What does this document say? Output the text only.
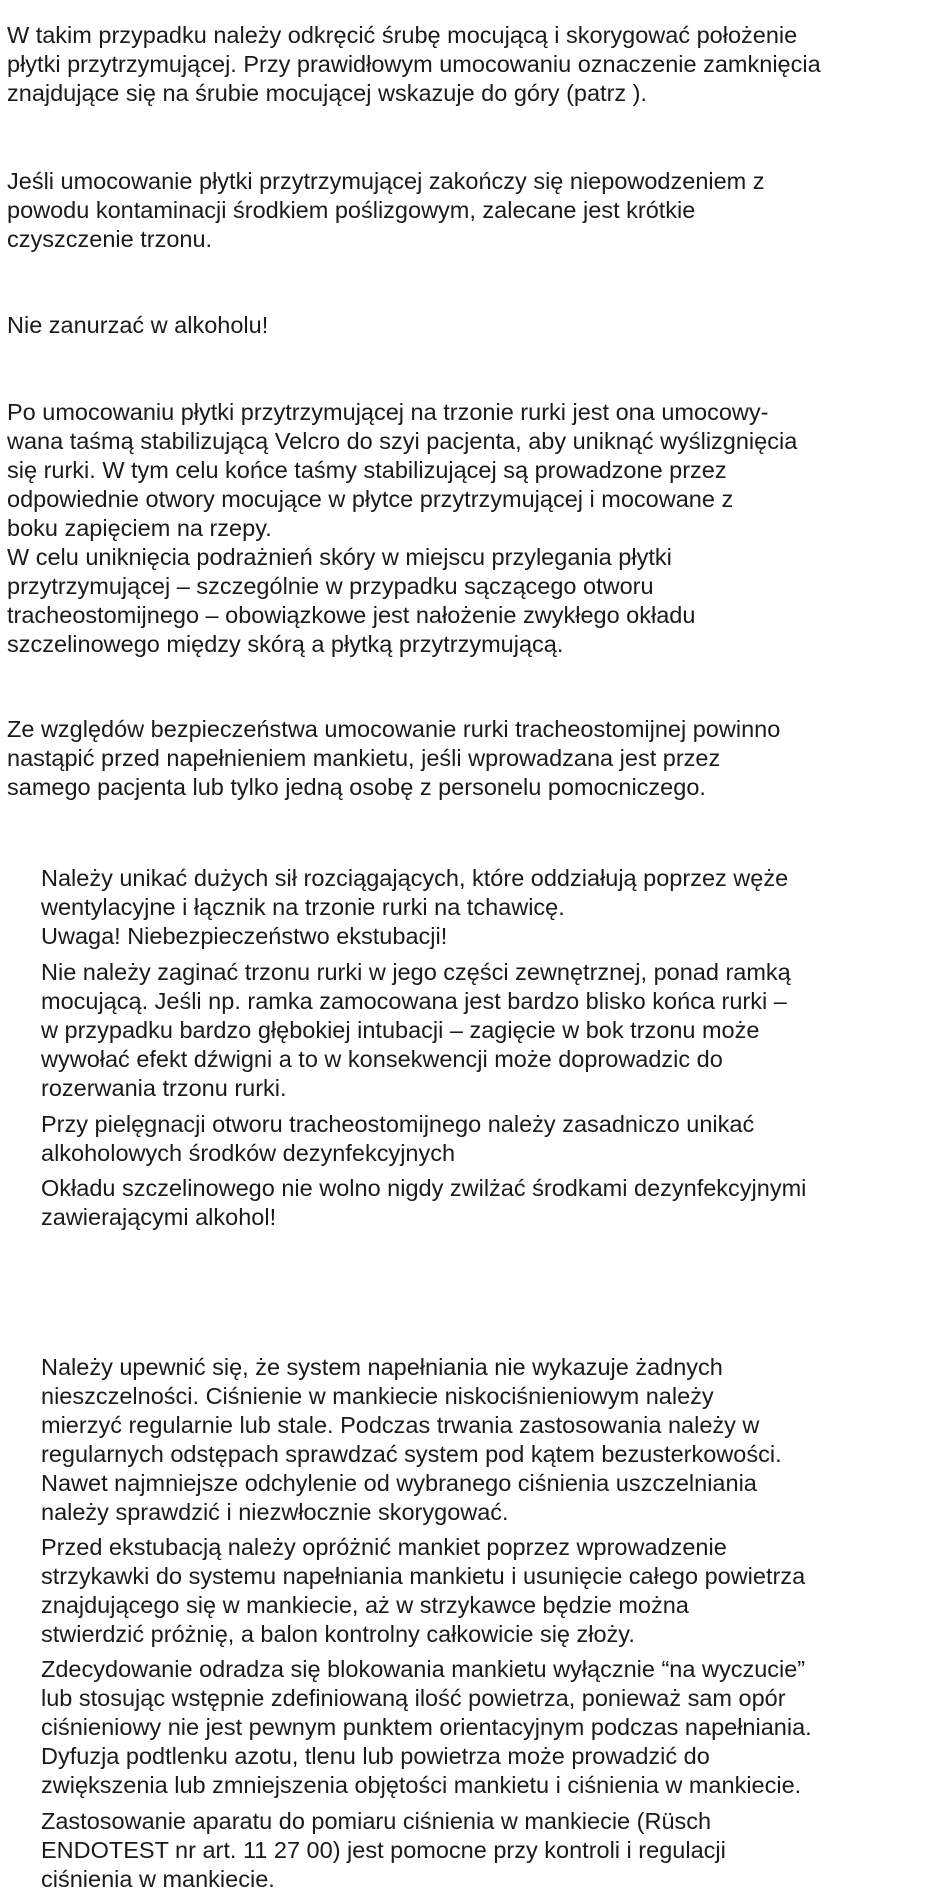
W takim przypadku należy odkręcić śrubę mocującą i skorygować położenie
płytki przytrzymującej. Przy prawidłowym umocowaniu oznaczenie zamknięcia
znajdujące się na śrubie mocującej wskazuje do góry (patrz ).

Jeśli umocowanie płytki przytrzymującej zakończy się niepowodzeniem z
powodu kontaminacji środkiem poślizgowym, zalecane jest krótkie
czyszczenie trzonu.

Nie zanurzać w alkoholu!

Po umocowaniu płytki przytrzymującej na trzonie rurki jest ona umocowy-
wana taśmą stabilizującą Velcro do szyi pacjenta, aby uniknąć wyślizgnięcia
się rurki. W tym celu końce taśmy stabilizującej są prowadzone przez
odpowiednie otwory mocujące w płytce przytrzymującej i mocowane z
boku zapięciem na rzepy.
W celu uniknięcia podrażnień skóry w miejscu przylegania płytki
przytrzymującej – szczególnie w przypadku sączącego otworu
tracheostomijnego – obowiązkowe jest nałożenie zwykłego okładu
szczelinowego między skórą a płytką przytrzymującą.

Ze względów bezpieczeństwa umocowanie rurki tracheostomijnej powinno
nastąpić przed napełnieniem mankietu, jeśli wprowadzana jest przez
samego pacjenta lub tylko jedną osobę z personelu pomocniczego.

Należy unikać dużych sił rozciągających, które oddziałują poprzez węże
wentylacyjne i łącznik na trzonie rurki na tchawicę.
Uwaga! Niebezpieczeństwo ekstubacji!

Nie należy zaginać trzonu rurki w jego części zewnętrznej, ponad ramką
mocującą. Jeśli np. ramka zamocowana jest bardzo blisko końca rurki –
w przypadku bardzo głębokiej intubacji – zagięcie w bok trzonu może
wywołać efekt dźwigni a to w konsekwencji może doprowadzic do
rozerwania trzonu rurki.

Przy pielęgnacji otworu tracheostomijnego należy zasadniczo unikać
alkoholowych środków dezynfekcyjnych

Okładu szczelinowego nie wolno nigdy zwilżać środkami dezynfekcyjnymi
zawierającymi alkohol!

Należy upewnić się, że system napełniania nie wykazuje żadnych
nieszczelności. Ciśnienie w mankiecie niskociśnieniowym należy
mierzyć regularnie lub stale. Podczas trwania zastosowania należy w
regularnych odstępach sprawdzać system pod kątem bezusterkowości.
Nawet najmniejsze odchylenie od wybranego ciśnienia uszczelniania
należy sprawdzić i niezwłocznie skorygować.

Przed ekstubacją należy opróżnić mankiet poprzez wprowadzenie
strzykawki do systemu napełniania mankietu i usunięcie całego powietrza
znajdującego się w mankiecie, aż w strzykawce będzie można
stwierdzić próżnię, a balon kontrolny całkowicie się złoży.

Zdecydowanie odradza się blokowania mankietu wyłącznie “na wyczucie”
lub stosując wstępnie zdefiniowaną ilość powietrza, ponieważ sam opór
ciśnieniowy nie jest pewnym punktem orientacyjnym podczas napełniania.
Dyfuzja podtlenku azotu, tlenu lub powietrza może prowadzić do
zwiększenia lub zmniejszenia objętości mankietu i ciśnienia w mankiecie.

Zastosowanie aparatu do pomiaru ciśnienia w mankiecie (Rüsch
ENDOTEST nr art. 11 27 00) jest pomocne przy kontroli i regulacji
ciśnienia w mankiecie.
